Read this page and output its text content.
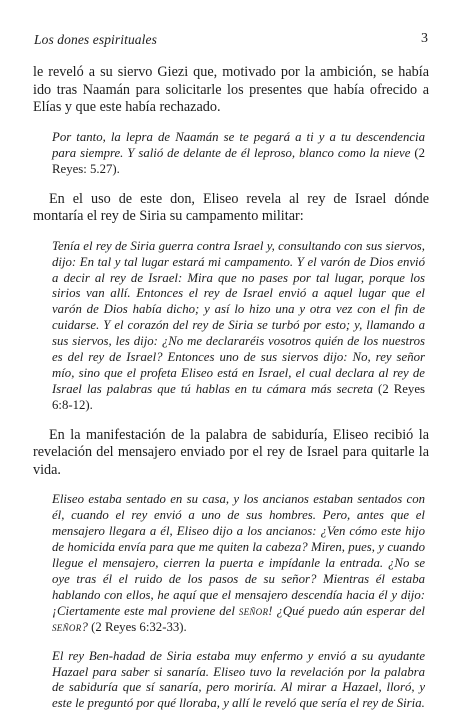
Los dones espirituales	3

le reveló a su siervo Giezi que, motivado por la ambición, se había ido tras Naamán para solicitarle los presentes que había ofrecido a Elías y que este había rechazado.

Por tanto, la lepra de Naamán se te pegará a ti y a tu descendencia para siempre. Y salió de delante de él leproso, blanco como la nieve (2 Reyes: 5.27).

En el uso de este don, Eliseo revela al rey de Israel dónde montaría el rey de Siria su campamento militar:

Tenía el rey de Siria guerra contra Israel y, consultando con sus siervos, dijo: En tal y tal lugar estará mi campamento. Y el varón de Dios envió a decir al rey de Israel: Mira que no pases por tal lugar, porque los sirios van allí. Entonces el rey de Israel envió a aquel lugar que el varón de Dios había dicho; y así lo hizo una y otra vez con el fin de cuidarse. Y el corazón del rey de Siria se turbó por esto; y, llamando a sus siervos, les dijo: ¿No me declararéis vosotros quién de los nuestros es del rey de Israel? Entonces uno de sus siervos dijo: No, rey señor mío, sino que el profeta Eliseo está en Israel, el cual declara al rey de Israel las palabras que tú hablas en tu cámara más secreta (2 Reyes 6:8-12).

En la manifestación de la palabra de sabiduría, Eliseo recibió la revelación del mensajero enviado por el rey de Israel para quitarle la vida.

Eliseo estaba sentado en su casa, y los ancianos estaban sentados con él, cuando el rey envió a uno de sus hombres. Pero, antes que el mensajero llegara a él, Eliseo dijo a los ancianos: ¿Ven cómo este hijo de homicida envía para que me quiten la cabeza? Miren, pues, y cuando llegue el mensajero, cierren la puerta e impídanle la entrada. ¿No se oye tras él el ruido de los pasos de su señor? Mientras él estaba hablando con ellos, he aquí que el mensajero descendía hacia él y dijo: ¡Ciertamente este mal proviene del señor! ¿Qué puedo aún esperar del señor? (2 Reyes 6:32-33).

El rey Ben-hadad de Siria estaba muy enfermo y envió a su ayudante Hazael para saber si sanaría. Eliseo tuvo la revelación por la palabra de sabiduría que sí sanaría, pero moriría. Al mirar a Hazael, lloró, y este le preguntó por qué lloraba, y allí le reveló que sería el rey de Siria.
